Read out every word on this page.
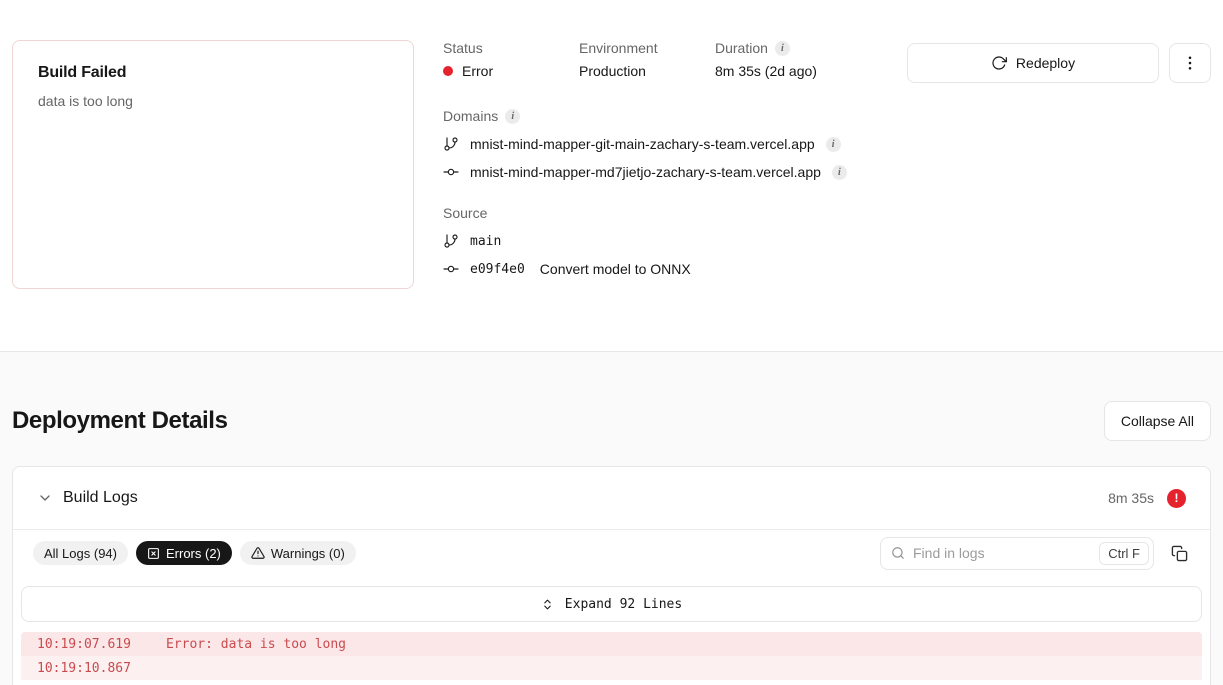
Build Failed
data is too long
Status
Error
Environment
Production
Duration	i
8m 35s (2d ago)
Domains	i
mnist-mind-mapper-git-main-zachary-s-team.vercel.app	i
mnist-mind-mapper-md7jietjo-zachary-s-team.vercel.app	i
Source
main
e09f4e0 Convert model to ONNX
Redeploy
Deployment Details	Collapse All
Build Logs	8m 35s	!
All Logs (94)	Errors (2)	Warnings (0)
Find in logs	Ctrl F
Expand 92 Lines
10:19:07.619	Error: data is too long
10:19:10.867
